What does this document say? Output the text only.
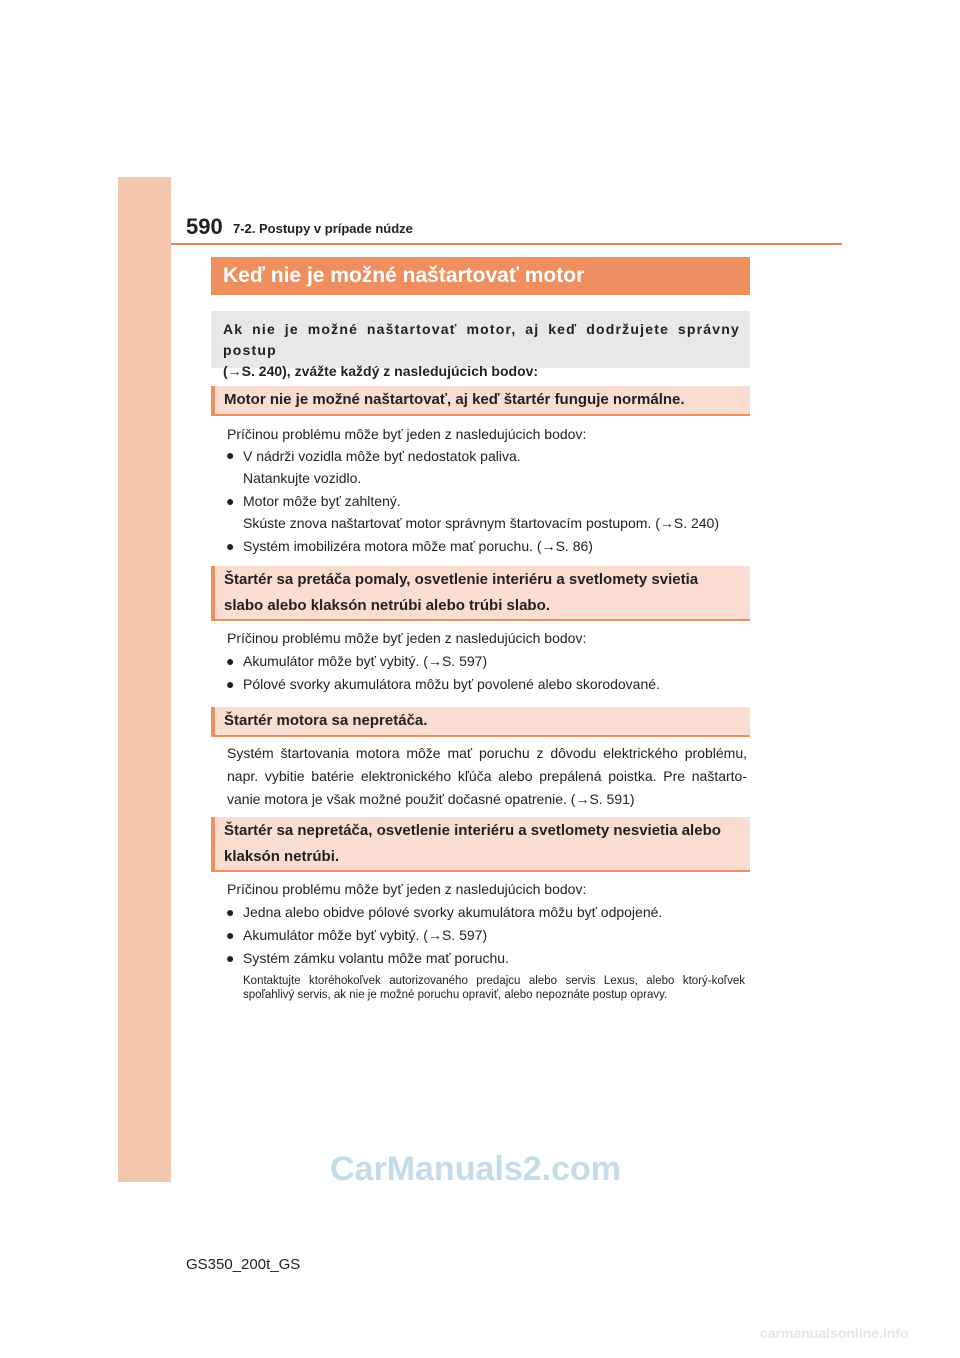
590 7-2. Postupy v prípade núdze
Keď nie je možné naštartovať motor
Ak nie je možné naštartovať motor, aj keď dodržujete správny postup
(→S. 240), zvážte každý z nasledujúcich bodov:
Motor nie je možné naštartovať, aj keď štartér funguje normálne.
Príčinou problému môže byť jeden z nasledujúcich bodov:
● V nádrži vozidla môže byť nedostatok paliva.
Natankujte vozidlo.
● Motor môže byť zahltený.
Skúste znova naštartovať motor správnym štartovacím postupom. (→S. 240)
● Systém imobilizéra motora môže mať poruchu. (→S. 86)
Štartér sa pretáča pomaly, osvetlenie interiéru a svetlomety svietia
slabo alebo klaksón netrúbi alebo trúbi slabo.
Príčinou problému môže byť jeden z nasledujúcich bodov:
● Akumulátor môže byť vybitý. (→S. 597)
● Pólové svorky akumulátora môžu byť povolené alebo skorodované.
Štartér motora sa nepretáča.
Systém štartovania motora môže mať poruchu z dôvodu elektrického problému,
napr. vybitie batérie elektronického kľúča alebo prepálená poistka. Pre naštarto-
vanie motora je však možné použiť dočasné opatrenie. (→S. 591)
Štartér sa nepretáča, osvetlenie interiéru a svetlomety nesvietia alebo
klaksón netrúbi.
Príčinou problému môže byť jeden z nasledujúcich bodov:
● Jedna alebo obidve pólové svorky akumulátora môžu byť odpojené.
● Akumulátor môže byť vybitý. (→S. 597)
● Systém zámku volantu môže mať poruchu.
Kontaktujte ktoréhokoľvek autorizovaného predajcu alebo servis Lexus, alebo ktorý-koľvek spoľahlivý servis, ak nie je možné poruchu opraviť, alebo nepoznáte postup opravy.
CarManuals2.com
GS350_200t_GS
carmanualsonline.info
